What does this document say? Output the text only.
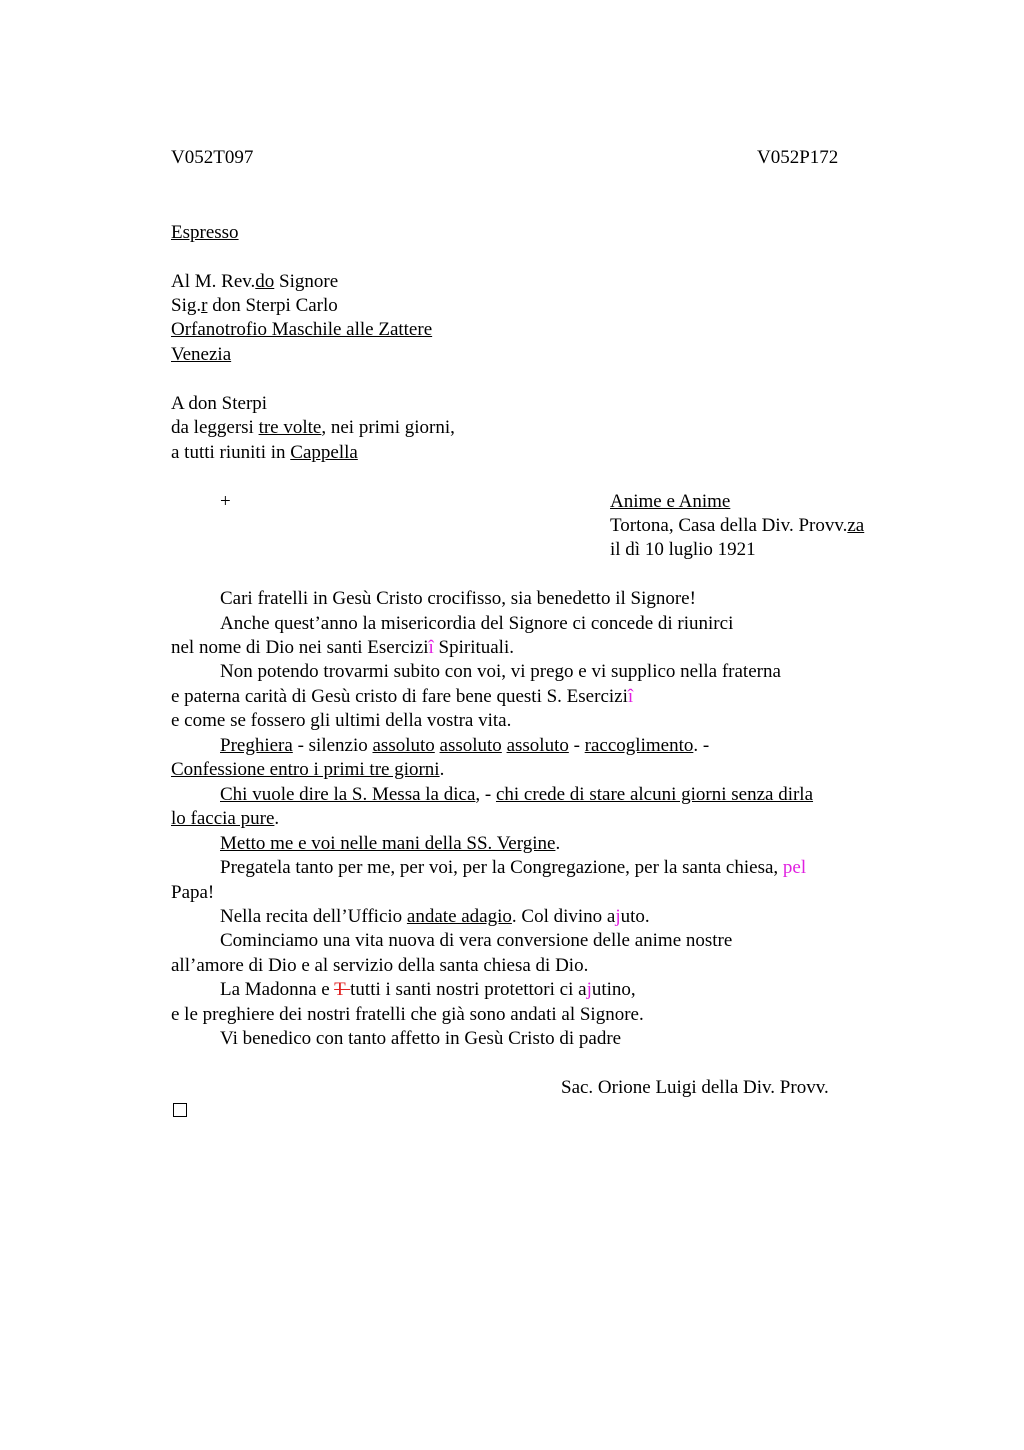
V052T097	V052P172
Espresso
Al M. Rev.do Signore
Sig.r don Sterpi Carlo
Orfanotrofio Maschile alle Zattere
Venezia
A don Sterpi
da leggersi tre volte, nei primi giorni,
a tutti riuniti in Cappella
+	Anime e Anime
Tortona, Casa della Div. Provv.za
il dì 10 luglio 1921
Cari fratelli in Gesù Cristo crocifisso, sia benedetto il Signore!
Anche quest’anno la misericordia del Signore ci concede di riunirci
nel nome di Dio nei santi Eserciziî Spirituali.
Non potendo trovarmi subito con voi, vi prego e vi supplico nella fraterna
e paterna carità di Gesù cristo di fare bene questi S. Eserciziî
e come se fossero gli ultimi della vostra vita.
Preghiera - silenzio assoluto assoluto assoluto - raccoglimento. -
Confessione entro i primi tre giorni.
Chi vuole dire la S. Messa la dica, - chi crede di stare alcuni giorni senza dirla
lo faccia pure.
Metto me e voi nelle mani della SS. Vergine.
Pregatela tanto per me, per voi, per la Congregazione, per la santa chiesa, pel
Papa!
Nella recita dell’Ufficio andate adagio. Col divino ajuto.
Cominciamo una vita nuova di vera conversione delle anime nostre
all’amore di Dio e al servizio della santa chiesa di Dio.
La Madonna e T tutti i santi nostri protettori ci ajutino,
e le preghiere dei nostri fratelli che già sono andati al Signore.
Vi benedico con tanto affetto in Gesù Cristo di padre
Sac. Orione Luigi della Div. Provv.
